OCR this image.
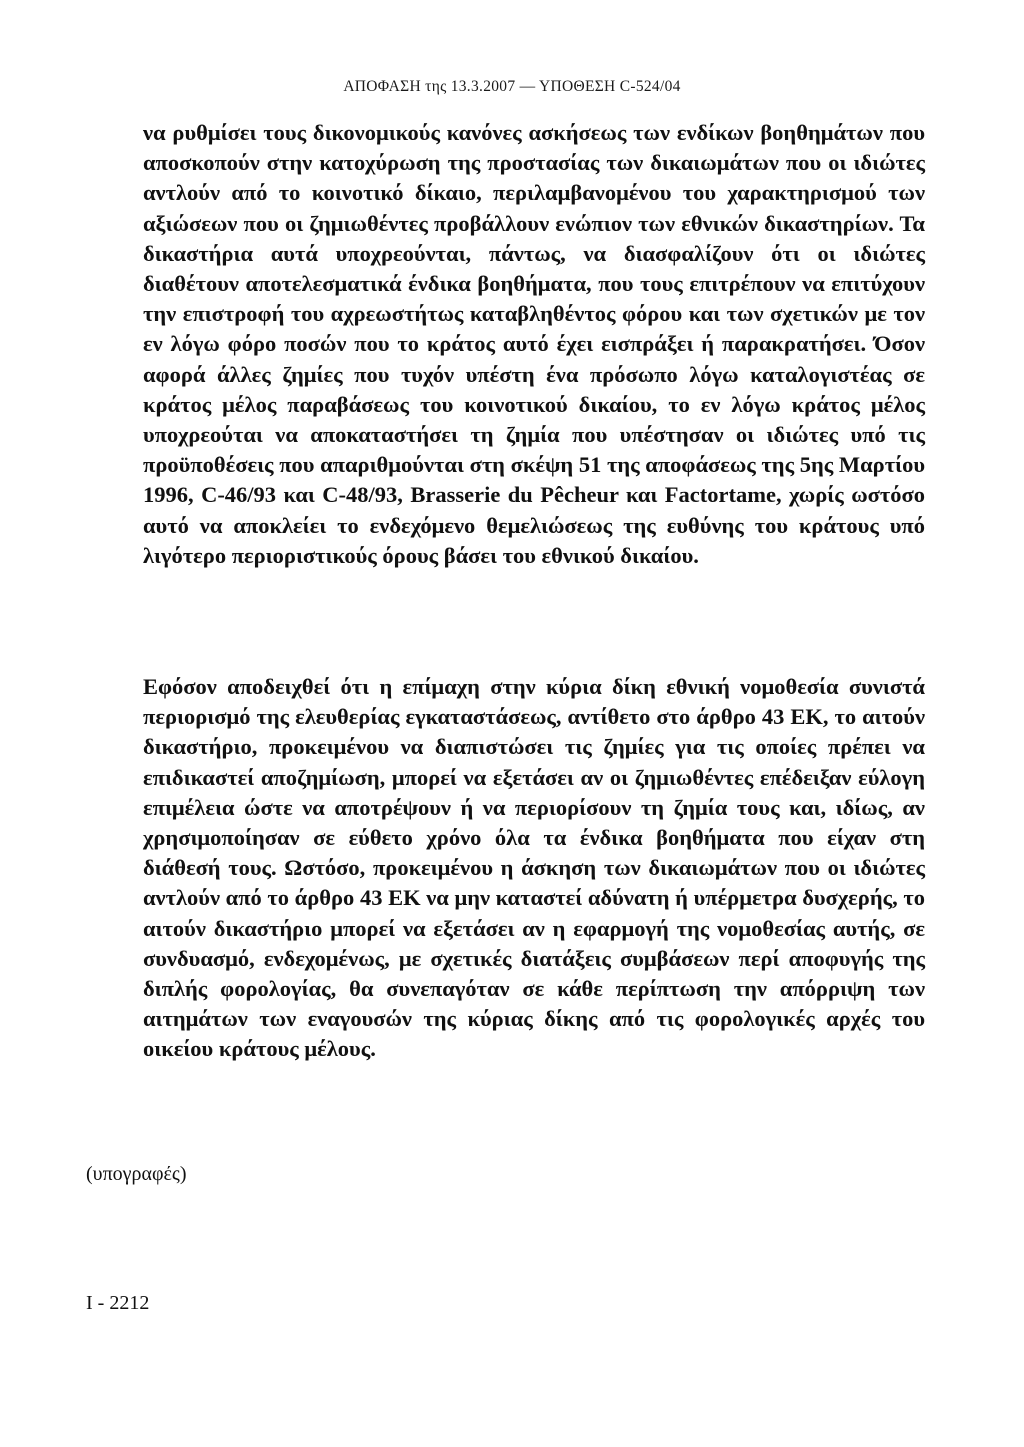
ΑΠΟΦΑΣΗ της 13.3.2007 — ΥΠΟΘΕΣΗ C-524/04

να ρυθμίσει τους δικονομικούς κανόνες ασκήσεως των ενδίκων βοηθημάτων που αποσκοπούν στην κατοχύρωση της προστασίας των δικαιωμάτων που οι ιδιώτες αντλούν από το κοινοτικό δίκαιο, περιλαμβανομένου του χαρακτηρισμού των αξιώσεων που οι ζημιωθέντες προβάλλουν ενώπιον των εθνικών δικαστηρίων. Τα δικαστήρια αυτά υποχρεούνται, πάντως, να διασφαλίζουν ότι οι ιδιώτες διαθέτουν αποτελεσματικά ένδικα βοηθήματα, που τους επιτρέπουν να επιτύχουν την επιστροφή του αχρεωστήτως καταβληθέντος φόρου και των σχετικών με τον εν λόγω φόρο ποσών που το κράτος αυτό έχει εισπράξει ή παρακρατήσει. Όσον αφορά άλλες ζημίες που τυχόν υπέστη ένα πρόσωπο λόγω καταλογιστέας σε κράτος μέλος παραβάσεως του κοινοτικού δικαίου, το εν λόγω κράτος μέλος υποχρεούται να αποκαταστήσει τη ζημία που υπέστησαν οι ιδιώτες υπό τις προϋποθέσεις που απαριθμούνται στη σκέψη 51 της αποφάσεως της 5ης Μαρτίου 1996, C-46/93 και C-48/93, Brasserie du Pêcheur και Factortame, χωρίς ωστόσο αυτό να αποκλείει το ενδεχόμενο θεμελιώσεως της ευθύνης του κράτους υπό λιγότερο περιοριστικούς όρους βάσει του εθνικού δικαίου.

Εφόσον αποδειχθεί ότι η επίμαχη στην κύρια δίκη εθνική νομοθεσία συνιστά περιορισμό της ελευθερίας εγκαταστάσεως, αντίθετο στο άρθρο 43 ΕΚ, το αιτούν δικαστήριο, προκειμένου να διαπιστώσει τις ζημίες για τις οποίες πρέπει να επιδικαστεί αποζημίωση, μπορεί να εξετάσει αν οι ζημιωθέντες επέδειξαν εύλογη επιμέλεια ώστε να αποτρέψουν ή να περιορίσουν τη ζημία τους και, ιδίως, αν χρησιμοποίησαν σε εύθετο χρόνο όλα τα ένδικα βοηθήματα που είχαν στη διάθεσή τους. Ωστόσο, προκειμένου η άσκηση των δικαιωμάτων που οι ιδιώτες αντλούν από το άρθρο 43 ΕΚ να μην καταστεί αδύνατη ή υπέρμετρα δυσχερής, το αιτούν δικαστήριο μπορεί να εξετάσει αν η εφαρμογή της νομοθεσίας αυτής, σε συνδυασμό, ενδεχομένως, με σχετικές διατάξεις συμβάσεων περί αποφυγής της διπλής φορολογίας, θα συνεπαγόταν σε κάθε περίπτωση την απόρριψη των αιτημάτων των εναγουσών της κύριας δίκης από τις φορολογικές αρχές του οικείου κράτους μέλους.

(υπογραφές)
I - 2212
